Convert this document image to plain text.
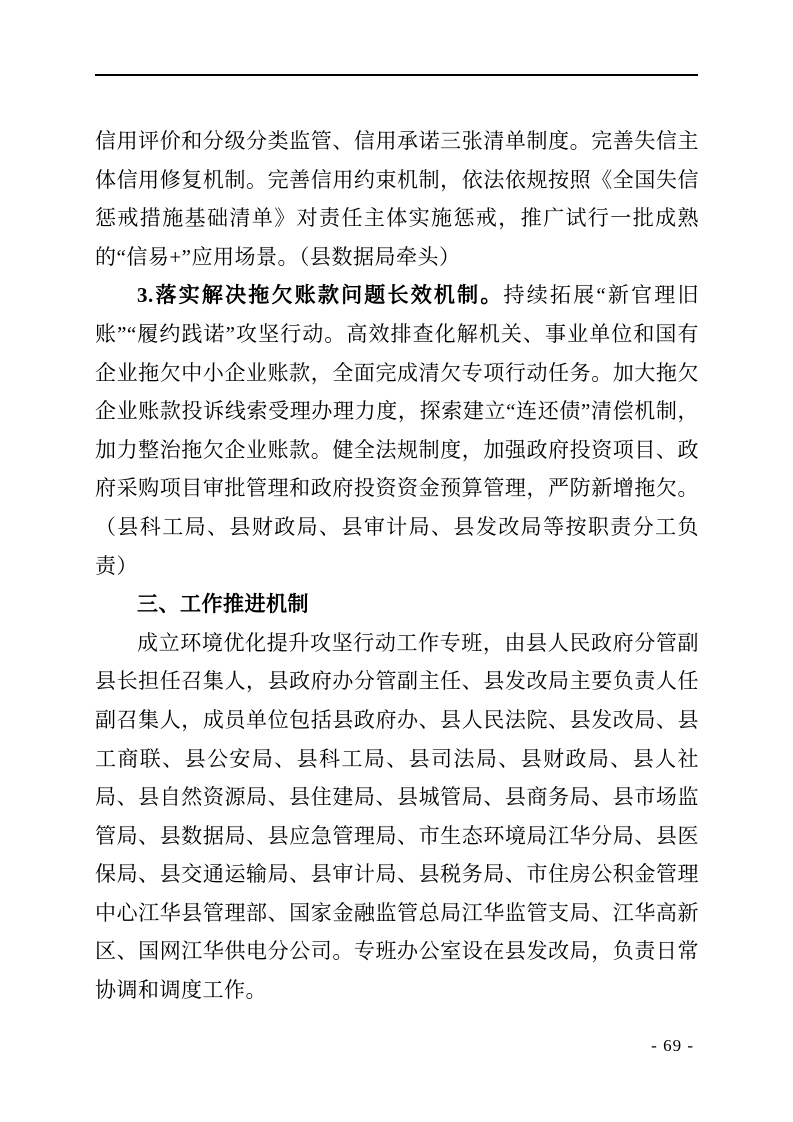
信用评价和分级分类监管、信用承诺三张清单制度。完善失信主体信用修复机制。完善信用约束机制，依法依规按照《全国失信惩戒措施基础清单》对责任主体实施惩戒，推广试行一批成熟的“信易+”应用场景。（县数据局牵头）

3.落实解决拖欠账款问题长效机制。持续拓展“新官理旧账”“履约践诺”攻坚行动。高效排查化解机关、事业单位和国有企业拖欠中小企业账款，全面完成清欠专项行动任务。加大拖欠企业账款投诉线索受理办理力度，探索建立“连还债”清偿机制，加力整治拖欠企业账款。健全法规制度，加强政府投资项目、政府采购项目审批管理和政府投资资金预算管理，严防新增拖欠。（县科工局、县财政局、县审计局、县发改局等按职责分工负责）

三、工作推进机制

成立环境优化提升攻坚行动工作专班，由县人民政府分管副县长担任召集人，县政府办分管副主任、县发改局主要负责人任副召集人，成员单位包括县政府办、县人民法院、县发改局、县工商联、县公安局、县科工局、县司法局、县财政局、县人社局、县自然资源局、县住建局、县城管局、县商务局、县市场监管局、县数据局、县应急管理局、市生态环境局江华分局、县医保局、县交通运输局、县审计局、县税务局、市住房公积金管理中心江华县管理部、国家金融监管总局江华监管支局、江华高新区、国网江华供电分公司。专班办公室设在县发改局，负责日常协调和调度工作。

- 69 -
